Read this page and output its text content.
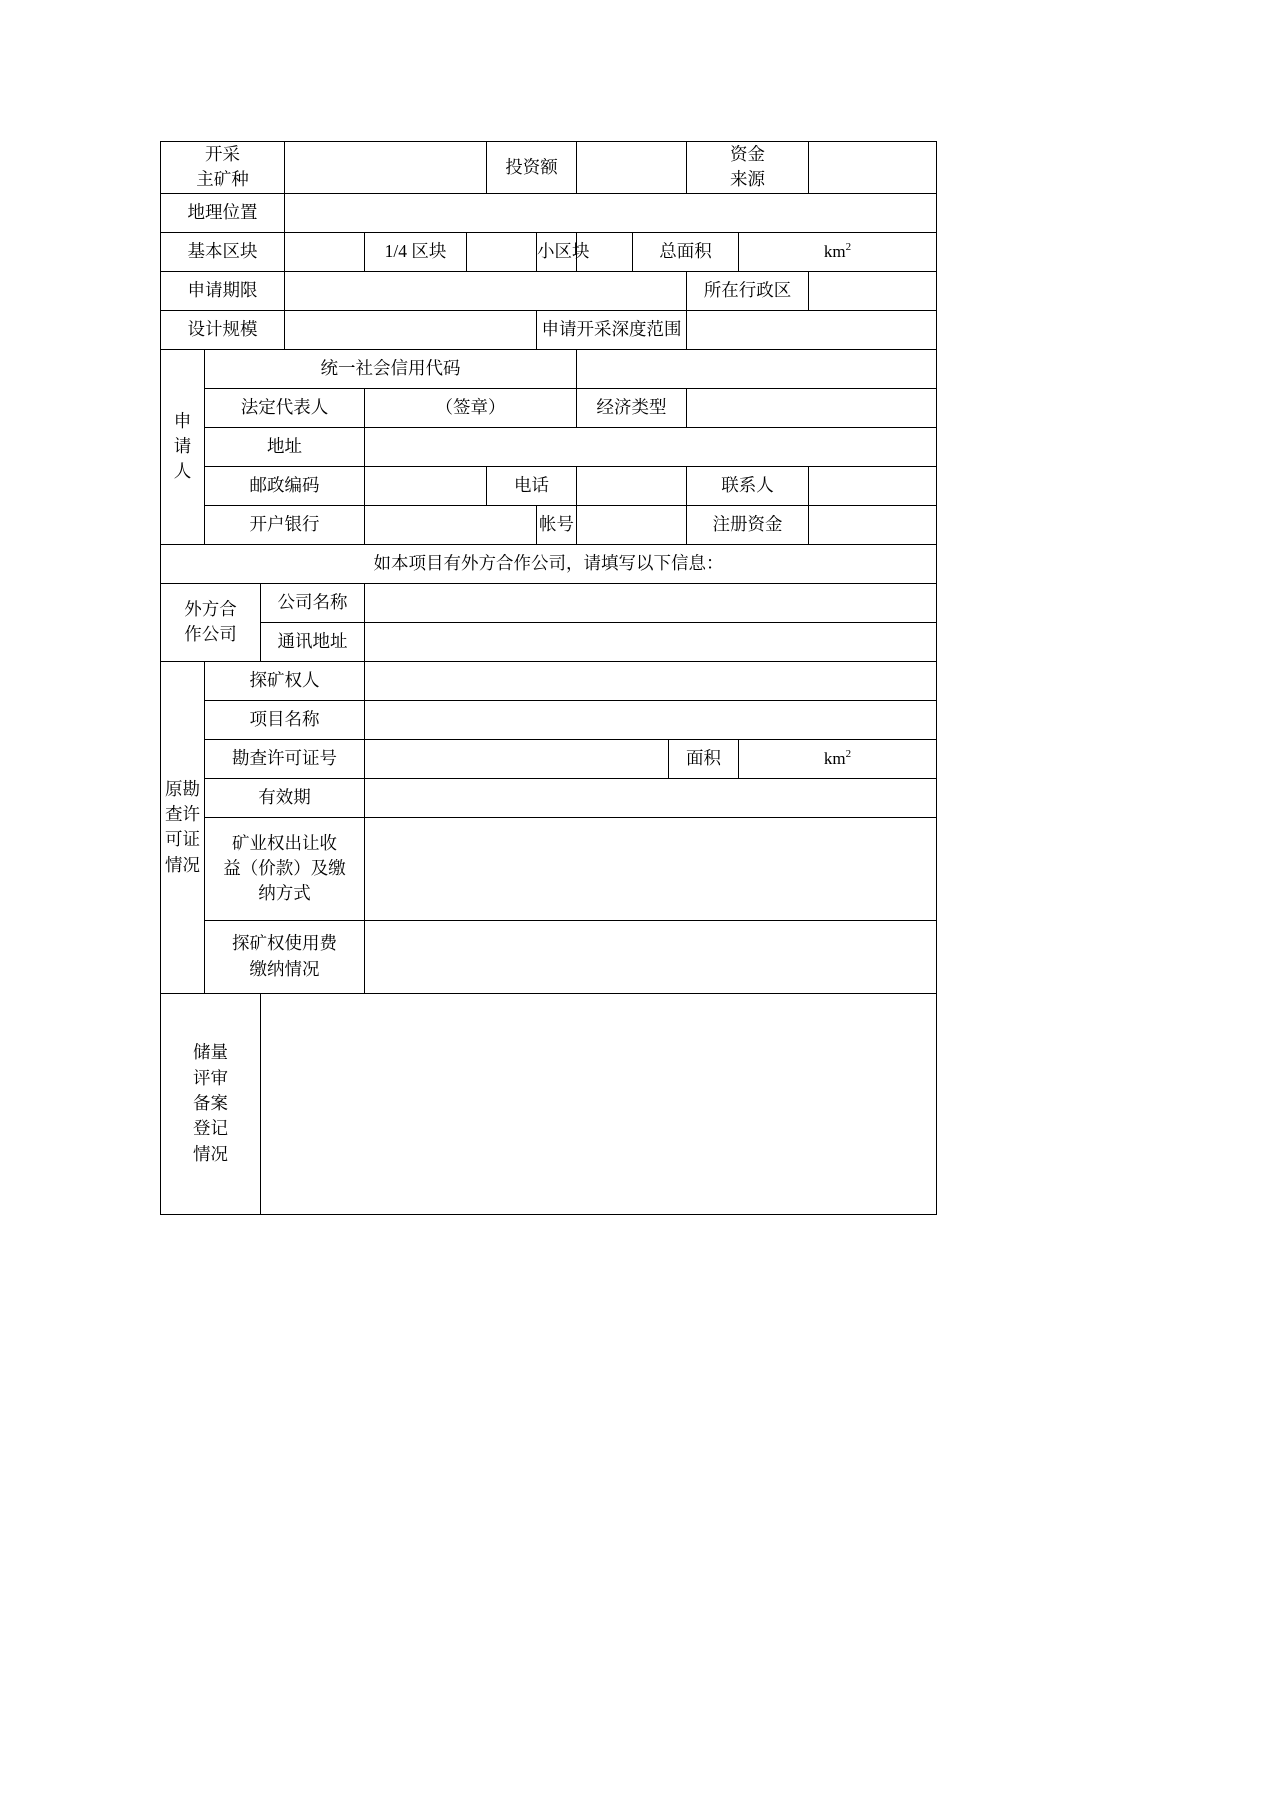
开采
主矿种						投资额					资金
来源		

地理位置													
基本区块				1/4 区块			小区块		总面积			$km^2$
申请期限											所在行政区		
设计规模							申请开采深度范围						

申
请
人	统一社会信用代码												
	法定代表人			（签章）				经济类型					
	地址												
	邮政编码					电话					联系人		
	开户银行						帐号				注册资金		
如本项目有外方合作公司，请填写以下信息：													

外方合
作公司		公司名称											
		通讯地址											

原勘
查许
可证
情况	探矿权人												
	项目名称												
	勘查许可证号									面积		$km^2$
	有效期												

	矿业权出让收
益（价款）及缴
纳方式												

	探矿权使用费
缴纳情况												

储量
评审
备案
登记
情况													
